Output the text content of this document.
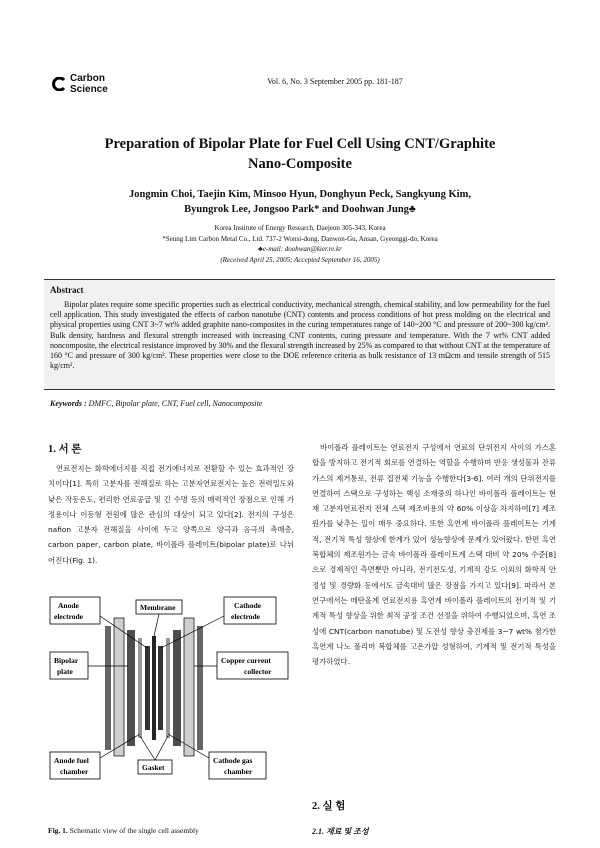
Carbon
Science
Vol. 6, No. 3 September 2005 pp. 181-187
Preparation of Bipolar Plate for Fuel Cell Using CNT/Graphite
Nano-Composite
Jongmin Choi, Taejin Kim, Minsoo Hyun, Donghyun Peck, Sangkyung Kim,
Byungrok Lee, Jongsoo Park* and Doohwan Jung♣
Korea Institute of Energy Research, Daejeon 305-343, Korea
*Seung Lim Carbon Metal Co., Ltd. 737-2 Wonsi-dong, Danwon-Gu, Ansan, Gyeonggi-do, Korea
♣e-mail: doohwan@kier.re.kr
(Received April 25, 2005; Accepted September 16, 2005)
Abstract
Bipolar plates require some specific properties such as electrical conductivity, mechanical strength, chemical stability, and low permeability for the fuel cell application. This study investigated the effects of carbon nanotube (CNT) contents and process conditions of hot press molding on the electrical and physical properties using CNT 3~7 wt% added graphite nano-composites in the curing temperatures range of 140~200 °C and pressure of 200~300 kg/cm². Bulk density, hardness and flexural strength increased with increasing CNT contents, curing pressure and temperature. With the 7 wt% CNT added noncomposite, the electrical resistance improved by 30% and the flexural strength increased by 25% as compared to that without CNT at the temperature of 160 °C and pressure of 300 kg/cm². These properties were close to the DOE reference criteria as bulk resistance of 13 mΩcm and tensile strength of 515 kg/cm².
Keywords : DMFC, Bipolar plate, CNT, Fuel cell, Nanocomposite
1. 서 론
연료전지는 화학에너지를 직접 전기에너지로 전환할 수 있는 효과적인 장치이다[1]. 특히 고분자를 전해질로 하는 고분자연료전지는 높은 전력밀도와 낮은 작동온도, 편리한 연료공급 및 긴 수명 등의 매력적인 장점으로 인해 가정용이나 이동형 전원에 많은 관심의 대상이 되고 있다[2]. 전지의 구성은 nafion 고분자 전해질을 사이에 두고 양쪽으로 양극과 음극의 촉매층, carbon paper, carbon plate, 바이폴라 플레이트(bipolar plate)로 나뉘어진다(Fig. 1).
바이폴라 플레이트는 연료전지 구성에서 연료의 단위전지 사이의 가스혼합을 방지하고 전기적 회로를 연결하는 역할을 수행하며 반응 생성물과 잔류가스의 제거통로, 전류 집전체 기능을 수행한다[3-6]. 여러 개의 단위전지를 연결하여 스택으로 구성하는 핵심 소재중의 하나인 바이폴라 플레이트는 현재 고분자연료전지 전체 스택 제조비용의 약 60% 이상을 차지하여[7] 제조원가를 낮추는 일이 매우 중요하다. 또한 흑연계 바이폴라 플레이트는 기계적, 전기적 특성 향상에 한계가 있어 성능향상에 문제가 있어왔다. 한편 흑연 복합체의 제조원가는 금속 바이폴라 플레이트계 스택 대비 약 20% 수준[8]으로 경제적인 측면뿐만 아니라, 전기전도성, 기계적 강도 이외의 화학적 안정성 및 경량화 등에서도 금속대비 많은 장점을 가지고 있다[9]. 따라서 본 연구에서는 메탄올계 연료전지용 흑연계 바이폴라 플레이트의 전기적 및 기계적 특성 향상을 위한 최적 공정 조건 선정을 위하여 수행되었으며, 흑연 조성에 CNT(carbon nanotube) 및 도전성 향상 충진제를 3~7 wt% 첨가한 흑연계 나노 폴리머 복합체를 고온가압 성형하여, 기계적 및 전기적 특성을 평가하였다.
Anode
electrode
Membrane	Cathode
electrode
Bipolar
plate
Copper current
collector
Anode fuel
chamber	Gasket
Cathode gas
chamber
Fig. 1. Schematic view of the single cell assembly
2. 실 험
2.1. 재료 및 조성
